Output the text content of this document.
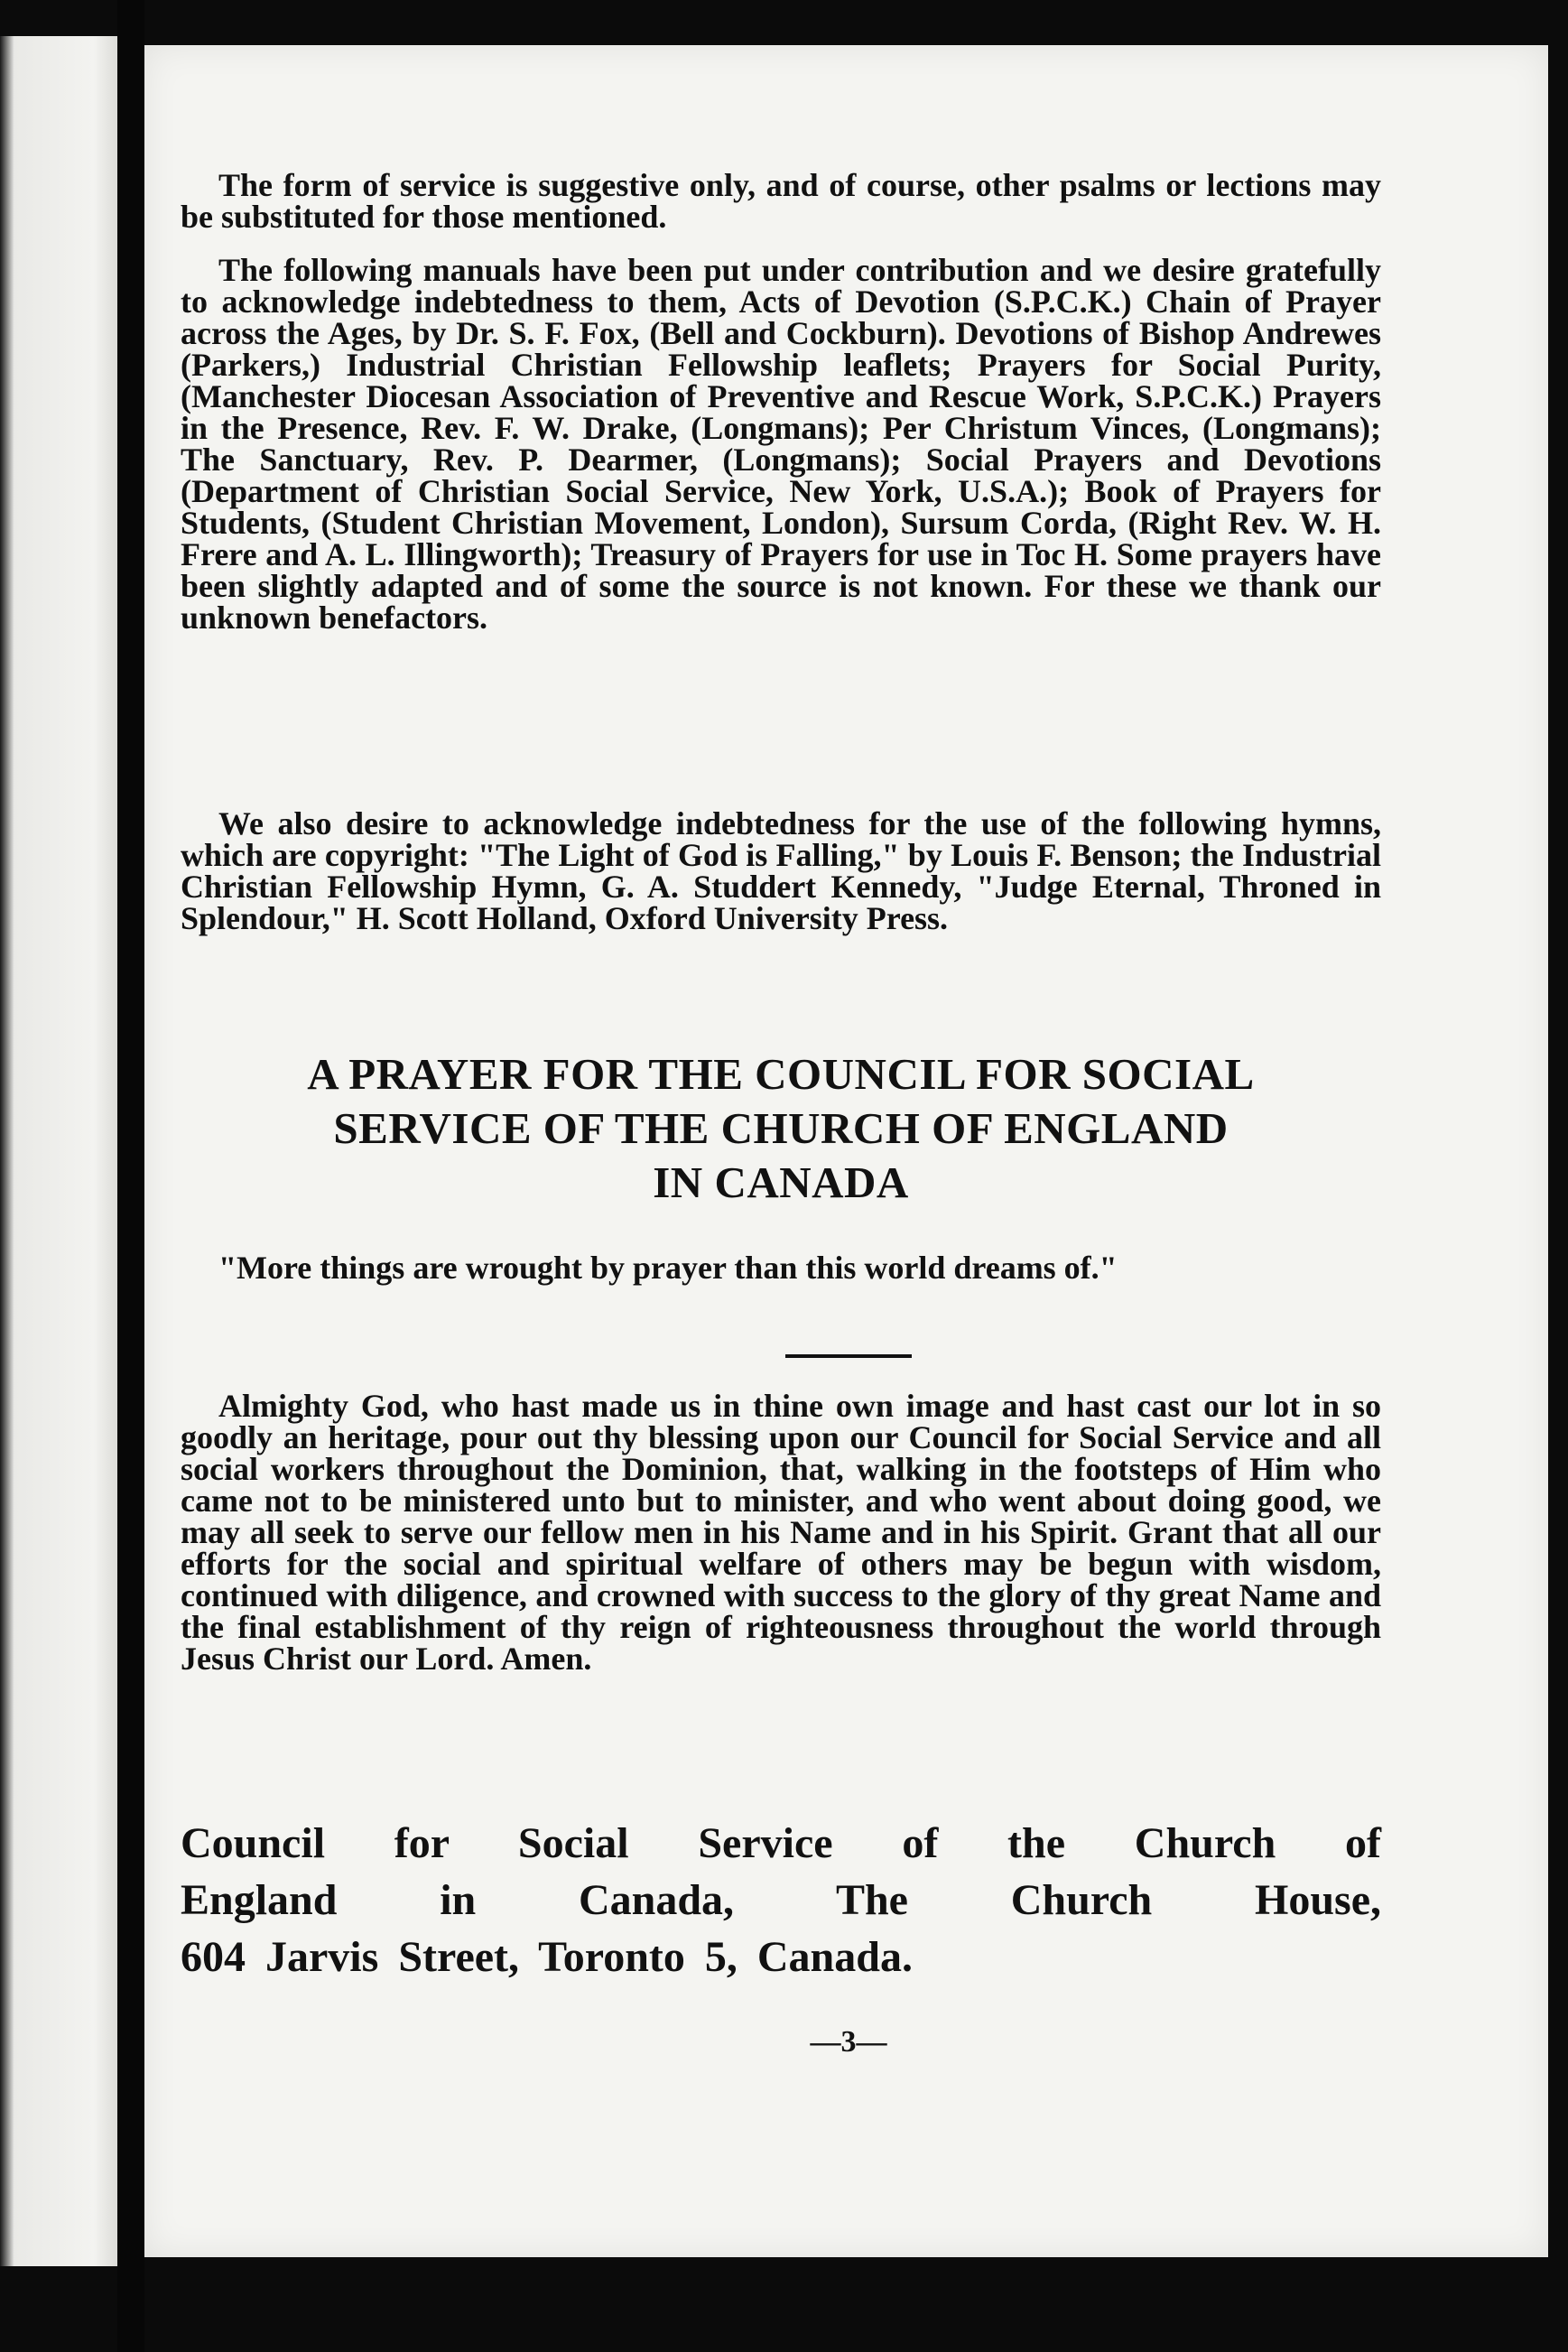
The form of service is suggestive only, and of course, other psalms or lections may be substituted for those mentioned.

The following manuals have been put under contribution and we desire gratefully to acknowledge indebtedness to them, Acts of Devotion (S.P.C.K.) Chain of Prayer across the Ages, by Dr. S. F. Fox, (Bell and Cockburn). Devotions of Bishop Andrewes (Parkers,) Industrial Christian Fellowship leaflets; Prayers for Social Purity, (Manchester Diocesan Association of Preventive and Rescue Work, S.P.C.K.) Prayers in the Presence, Rev. F. W. Drake, (Longmans); Per Christum Vinces, (Longmans); The Sanctuary, Rev. P. Dearmer, (Longmans); Social Prayers and Devotions (Department of Christian Social Service, New York, U.S.A.); Book of Prayers for Students, (Student Christian Movement, London), Sursum Corda, (Right Rev. W. H. Frere and A. L. Illingworth); Treasury of Prayers for use in Toc H. Some prayers have been slightly adapted and of some the source is not known. For these we thank our unknown benefactors.

We also desire to acknowledge indebtedness for the use of the following hymns, which are copyright: "The Light of God is Falling," by Louis F. Benson; the Industrial Christian Fellowship Hymn, G. A. Studdert Kennedy, "Judge Eternal, Throned in Splendour," H. Scott Holland, Oxford University Press.

A PRAYER FOR THE COUNCIL FOR SOCIAL
SERVICE OF THE CHURCH OF ENGLAND
IN CANADA

"More things are wrought by prayer than this world dreams of."

Almighty God, who hast made us in thine own image and hast cast our lot in so goodly an heritage, pour out thy blessing upon our Council for Social Service and all social workers throughout the Dominion, that, walking in the footsteps of Him who came not to be ministered unto but to minister, and who went about doing good, we may all seek to serve our fellow men in his Name and in his Spirit. Grant that all our efforts for the social and spiritual welfare of others may be begun with wisdom, continued with diligence, and crowned with success to the glory of thy great Name and the final establishment of thy reign of righteousness throughout the world through Jesus Christ our Lord. Amen.

Council for Social Service of the Church of
England in Canada, The Church House,
604 Jarvis Street, Toronto 5, Canada.
—3—
